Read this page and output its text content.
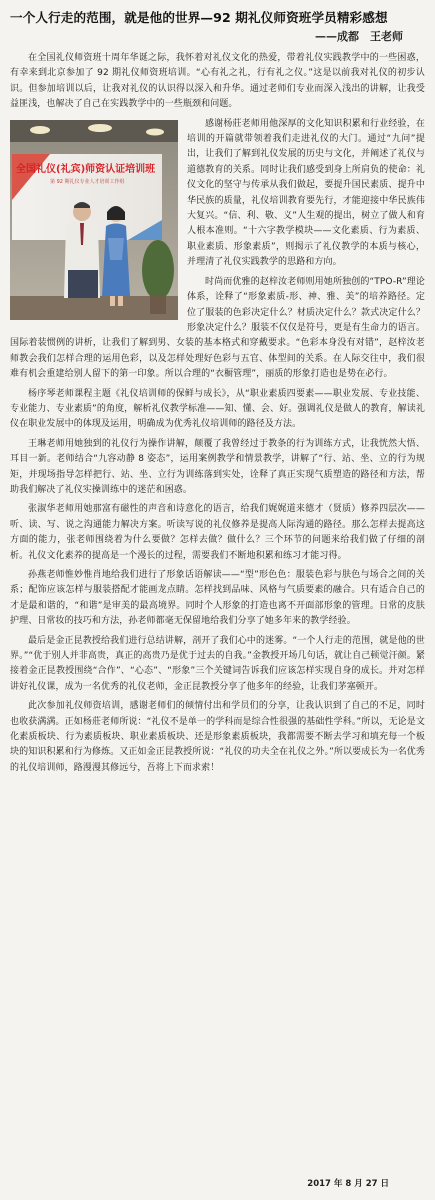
一个人行走的范围，就是他的世界—92 期礼仪师资班学员精彩感想
——成都　王老师

在全国礼仪师资班十周年华诞之际，我怀着对礼仪文化的热爱，带着礼仪实践教学中的一些困惑，有幸来到北京参加了 92 期礼仪师资班培训。“心有礼之礼，行有礼之仪。”这是以前我对礼仪的初步认识。但参加培训以后，让我对礼仪的认识得以深入和升华。通过老师们专业而深入浅出的讲解，让我受益匪浅，也解决了自己在实践教学中的一些瓶颈和问题。

全国礼仪(礼宾)师资认证培训班
第 92 期礼仪专业人才培训工作组

感谢杨莊老师用他深厚的文化知识积累和行业经验，在培训的开篇就带领着我们走进礼仪的大门。通过“九问”提出，让我们了解到礼仪发展的历史与文化，并阐述了礼仪与道德教育的关系。同时让我们感受到身上所肩负的使命：礼仪文化的坚守与传承从我们做起，要提升国民素质、提升中华民族的质量，礼仪培训教育要先行，才能迎接中华民族伟大复兴。“信、利、敬、义”人生观的提出，树立了做人和育人根本准则。“十六字教学模块——文化素质、行为素质、职业素质、形象素质”，则揭示了礼仪教学的本质与核心，并理清了礼仪实践教学的思路和方向。

时尚而优雅的赵梓汝老师则用她所独创的“TPO-R”理论体系，诠释了“形象素质-形、神、雅、美”的培养路径。定位了服装的色彩决定什么？材质决定什么？款式决定什么？形象决定什么？服装不仅仅是符号，更是有生命力的语言。国际着装惯例的讲析，让我们了解到男、女装的基本格式和穿戴要求。“色彩本身没有对错”，赵梓汝老师教会我们怎样合理的运用色彩，以及怎样处理好色彩与五官、体型间的关系。在人际交往中，我们很难有机会重建给别人留下的第一印象。所以合理的“衣橱管理”，丽质的形象打造也是势在必行。

杨序琴老师课程主题《礼仪培训师的保鲜与成长》，从“职业素质四要素——职业发展、专业技能、专业能力、专业素质”的角度，解析礼仪教学标准——知、懂、会、好。强调礼仪是做人的教育，解读礼仪在职业发展中的体现及运用，明确成为优秀礼仪培训师的路径及方法。

王琳老师用她独到的礼仪行为操作讲解，颠覆了我曾经过于教条的行为训练方式，让我恍然大悟、耳目一新。老师结合“九容动静 8 姿态”，运用案例教学和情景教学，讲解了“行、站、坐、立的行为规矩，并现场指导怎样把行、站、坐、立行为训练落到实处，诠释了真正实现气质塑造的路径和方法，帮助我们解决了礼仪实操训练中的迷茫和困惑。

张淑华老师用她那富有磁性的声音和诗意化的语言，给我们娓娓道来德才（贤质）修养四层次——听、读、写、说之沟通能力解决方案。听读写说的礼仪修养是提高人际沟通的路径。那么怎样去提高这方面的能力，张老师围绕着为什么要做？怎样去做？做什么？三个环节的问题来给我们做了仔细的剖析。礼仪文化素养的提高是一个漫长的过程，需要我们不断地积累和练习才能习得。

孙燕老师惟妙惟肖地给我们进行了形象话语解读——“型”形色色：服装色彩与肤色与场合之间的关系；配饰应该怎样与服装搭配才能画龙点睛。怎样找到品味、风格与气质要素的融合。只有适合自己的才是最和谐的，“和谐”是审美的最高境界。同时个人形象的打造也离不开面部形象的管理。日常的皮肤护理、日常妆的技巧和方法，孙老师都毫无保留地给我们分享了她多年来的教学经验。

最后是金正昆教授给我们进行总结讲解，剖开了我们心中的迷雾。“一个人行走的范围，就是他的世界。”“优于别人并非高贵，真正的高贵乃是优于过去的自我。”金教授开场几句话，就让自己顿觉汗颜。紧接着金正昆教授围绕“合作”、“心态”、“形象”三个关键词告诉我们应该怎样实现自身的成长。并对怎样讲好礼仪课，成为一名优秀的礼仪老师，金正昆教授分享了他多年的经验，让我们茅塞顿开。

此次参加礼仪师资培训，感谢老师们的倾情付出和学员们的分享，让我认识到了自己的不足，同时也收获满满。正如杨莊老师所说：“礼仪不是单一的学科而是综合性很强的基础性学科。”所以，无论是文化素质板块、行为素质板块、职业素质板块、还是形象素质板块，我都需要不断去学习和填充每一个板块的知识积累和行为修炼。又正如金正昆教授所说：“礼仪的功夫全在礼仪之外。”所以要成长为一名优秀的礼仪培训师，路漫漫其修远兮，吾将上下而求索！

2017 年 8 月 27 日
